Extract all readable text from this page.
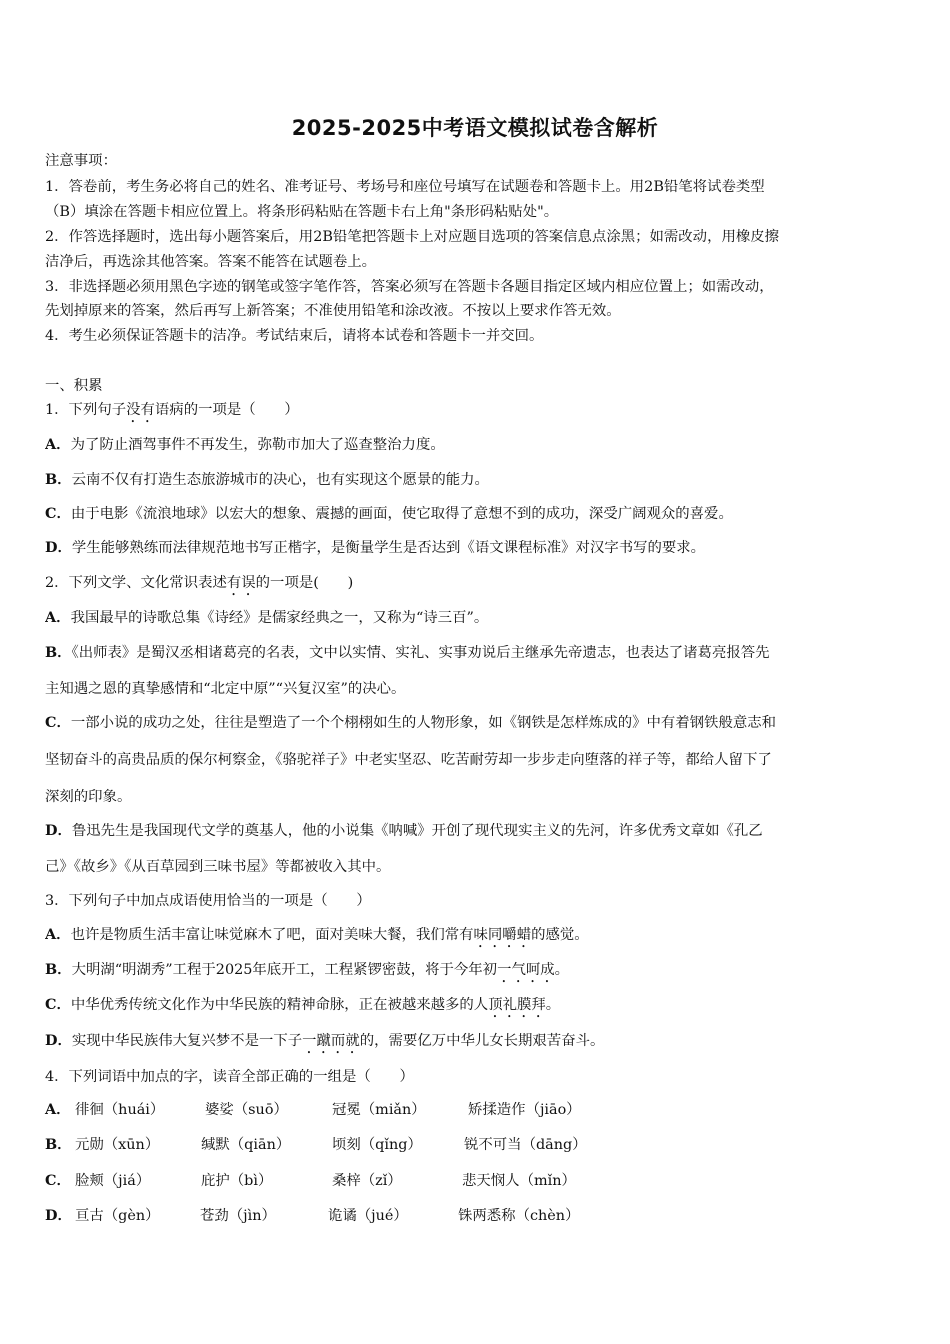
2025-2025中考语文模拟试卷含解析
注意事项：
1．答卷前，考生务必将自己的姓名、准考证号、考场号和座位号填写在试题卷和答题卡上。用2B铅笔将试卷类型
（B）填涂在答题卡相应位置上。将条形码粘贴在答题卡右上角"条形码粘贴处"。
2．作答选择题时，选出每小题答案后，用2B铅笔把答题卡上对应题目选项的答案信息点涂黑；如需改动，用橡皮擦
洁净后，再选涂其他答案。答案不能答在试题卷上。
3．非选择题必须用黑色字迹的钢笔或签字笔作答，答案必须写在答题卡各题目指定区域内相应位置上；如需改动，
先划掉原来的答案，然后再写上新答案；不准使用铅笔和涂改液。不按以上要求作答无效。
4．考生必须保证答题卡的洁净。考试结束后，请将本试卷和答题卡一并交回。
一、积累
1．下列句子没有语病的一项是（　　）
A．为了防止酒驾事件不再发生，弥勒市加大了巡查整治力度。
B．云南不仅有打造生态旅游城市的决心，也有实现这个愿景的能力。
C．由于电影《流浪地球》以宏大的想象、震撼的画面，使它取得了意想不到的成功，深受广阔观众的喜爱。
D．学生能够熟练而法律规范地书写正楷字，是衡量学生是否达到《语文课程标准》对汉字书写的要求。
2．下列文学、文化常识表述有误的一项是(　　)
A．我国最早的诗歌总集《诗经》是儒家经典之一，又称为“诗三百”。
B．《出师表》是蜀汉丞相诸葛亮的名表，文中以实情、实礼、实事劝说后主继承先帝遗志，也表达了诸葛亮报答先
主知遇之恩的真挚感情和“北定中原”“兴复汉室”的决心。
C．一部小说的成功之处，往往是塑造了一个个栩栩如生的人物形象，如《钢铁是怎样炼成的》中有着钢铁般意志和
坚韧奋斗的高贵品质的保尔柯察金，《骆驼祥子》中老实坚忍、吃苦耐劳却一步步走向堕落的祥子等，都给人留下了
深刻的印象。
D．鲁迅先生是我国现代文学的奠基人，他的小说集《呐喊》开创了现代现实主义的先河，许多优秀文章如《孔乙
己》《故乡》《从百草园到三味书屋》等都被收入其中。
3．下列句子中加点成语使用恰当的一项是（　　）
A．也许是物质生活丰富让味觉麻木了吧，面对美味大餐，我们常有味同嚼蜡的感觉。
B．大明湖“明湖秀”工程于2025年底开工，工程紧锣密鼓，将于今年初一气呵成。
C．中华优秀传统文化作为中华民族的精神命脉，正在被越来越多的人顶礼膜拜。
D．实现中华民族伟大复兴梦不是一下子一蹴而就的，需要亿万中华儿女长期艰苦奋斗。
4．下列词语中加点的字，读音全部正确的一组是（　　）
A． 徘徊（huái）	婆娑（suō）	冠冕（miǎn）	矫揉造作（jiāo）
B． 元勋（xūn）	缄默（qiān）	顷刻（qǐng）	锐不可当（dāng）
C． 脸颊（jiá）	庇护（bì）	桑梓（zǐ）	悲天悯人（mǐn）
D． 亘古（gèn）	苍劲（jìn）	诡谲（jué）	铢两悉称（chèn）
